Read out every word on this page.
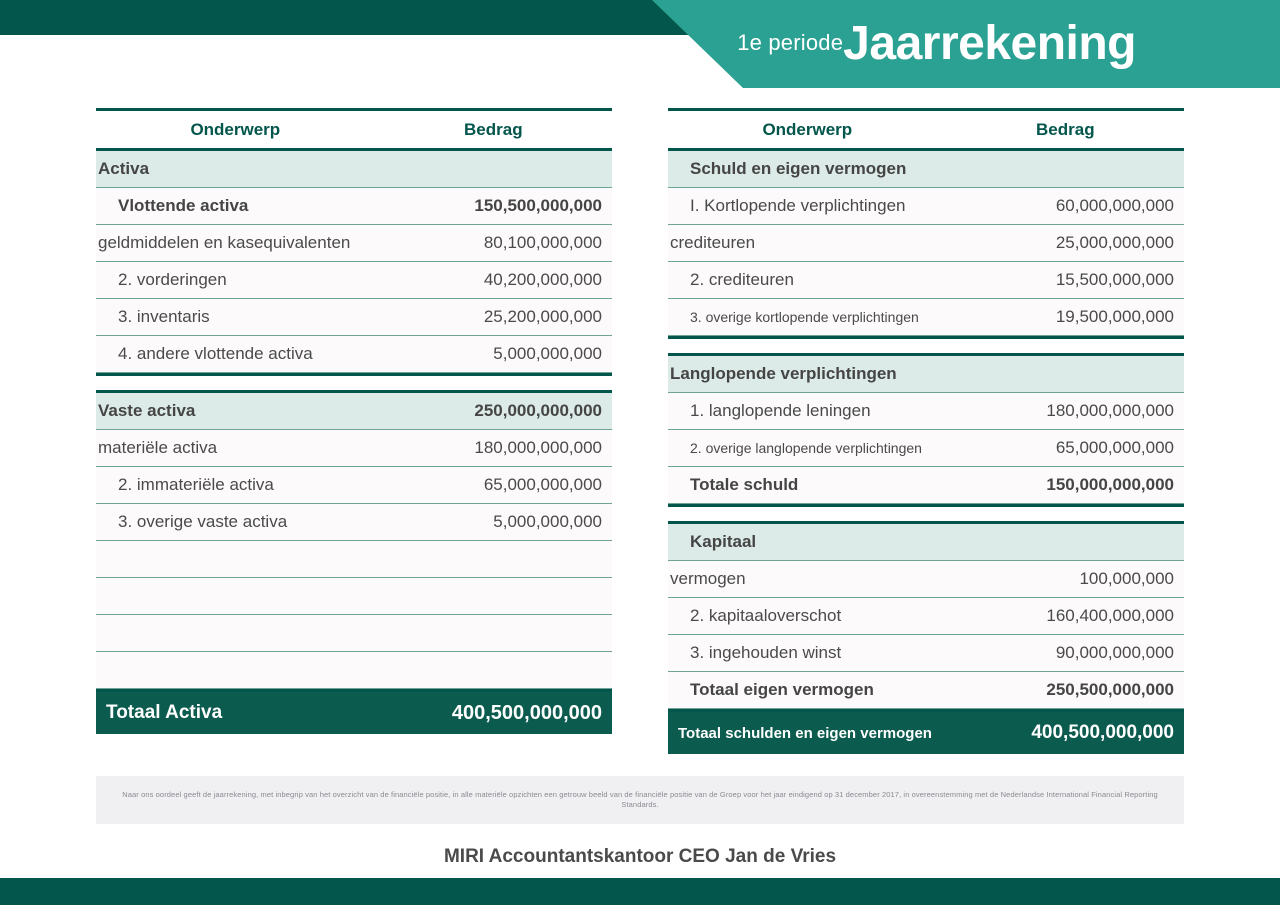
1e periode Jaarrekening
Onderwerp	Bedrag
Activa
Vlottende activa	150,500,000,000
geldmiddelen en kasequivalenten	80,100,000,000
2. vorderingen	40,200,000,000
3. inventaris	25,200,000,000
4. andere vlottende activa	5,000,000,000
Vaste activa	250,000,000,000
materiële activa	180,000,000,000
2. immateriële activa	65,000,000,000
3. overige vaste activa	5,000,000,000
Totaal Activa	400,500,000,000
Onderwerp	Bedrag
Schuld en eigen vermogen
I. Kortlopende verplichtingen	60,000,000,000
crediteuren	25,000,000,000
2. crediteuren	15,500,000,000
3. overige kortlopende verplichtingen	19,500,000,000
Langlopende verplichtingen
1. langlopende leningen	180,000,000,000
2. overige langlopende verplichtingen	65,000,000,000
Totale schuld	150,000,000,000
Kapitaal
vermogen	100,000,000
2. kapitaaloverschot	160,400,000,000
3. ingehouden winst	90,000,000,000
Totaal eigen vermogen	250,500,000,000
Totaal schulden en eigen vermogen	400,500,000,000

Naar ons oordeel geeft de jaarrekening, met inbegrip van het overzicht van de financiële positie, in alle materiële opzichten een getrouw beeld van de financiële positie van de Groep voor het jaar eindigend op 31 december 2017, in overeenstemming met de Nederlandse International Financial Reporting Standards.

MIRI Accountantskantoor CEO Jan de Vries
